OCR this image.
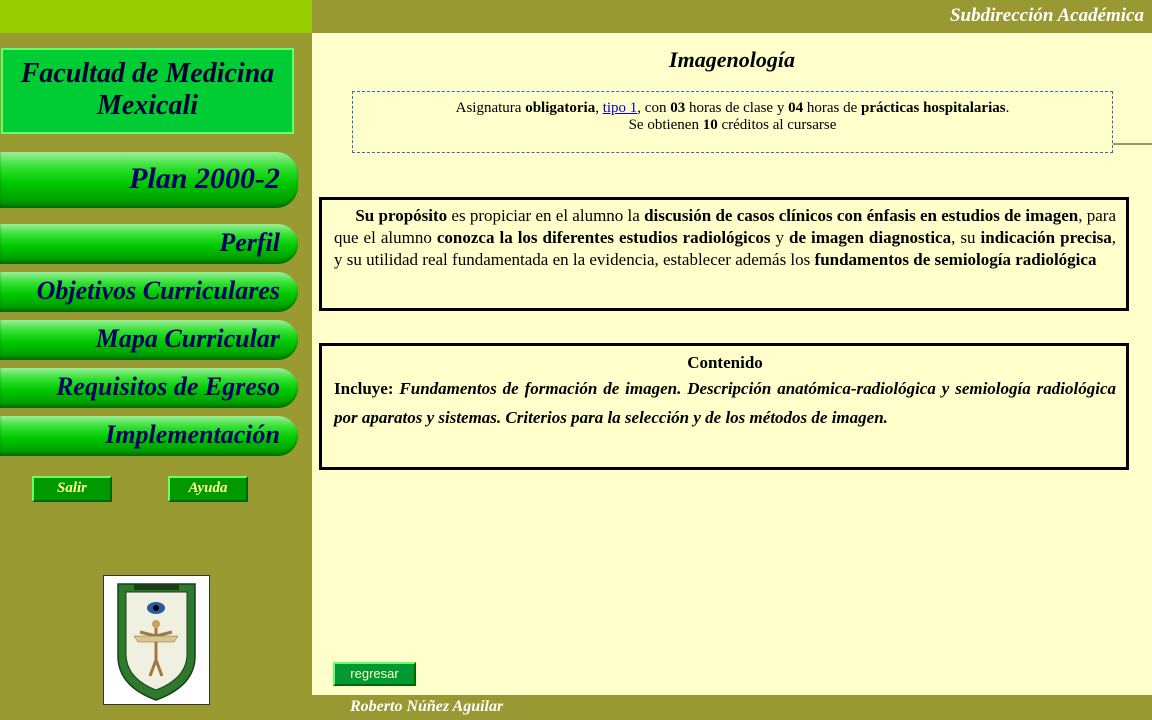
Subdirección Académica
Facultad de Medicina
Mexicali
Plan 2000-2
Perfil
Objetivos Curriculares
Mapa Curricular
Requisitos de Egreso
Implementación
Salir	Ayuda
Imagenología
Asignatura obligatoria, tipo 1, con 03 horas de clase y 04 horas de prácticas hospitalarias.
Se obtienen 10 créditos al cursarse
Su propósito es propiciar en el alumno la discusión de casos clínicos con énfasis en estudios de imagen, para que el alumno conozca la los diferentes estudios radiológicos y de imagen diagnostica, su indicación precisa, y su utilidad real fundamentada en la evidencia, establecer además los fundamentos de semiología radiológica
Contenido
Incluye: Fundamentos de formación de imagen. Descripción anatómica-radiológica y semiología radiológica por aparatos y sistemas. Criterios para la selección y de los métodos de imagen.
regresar
Roberto Núñez Aguilar
